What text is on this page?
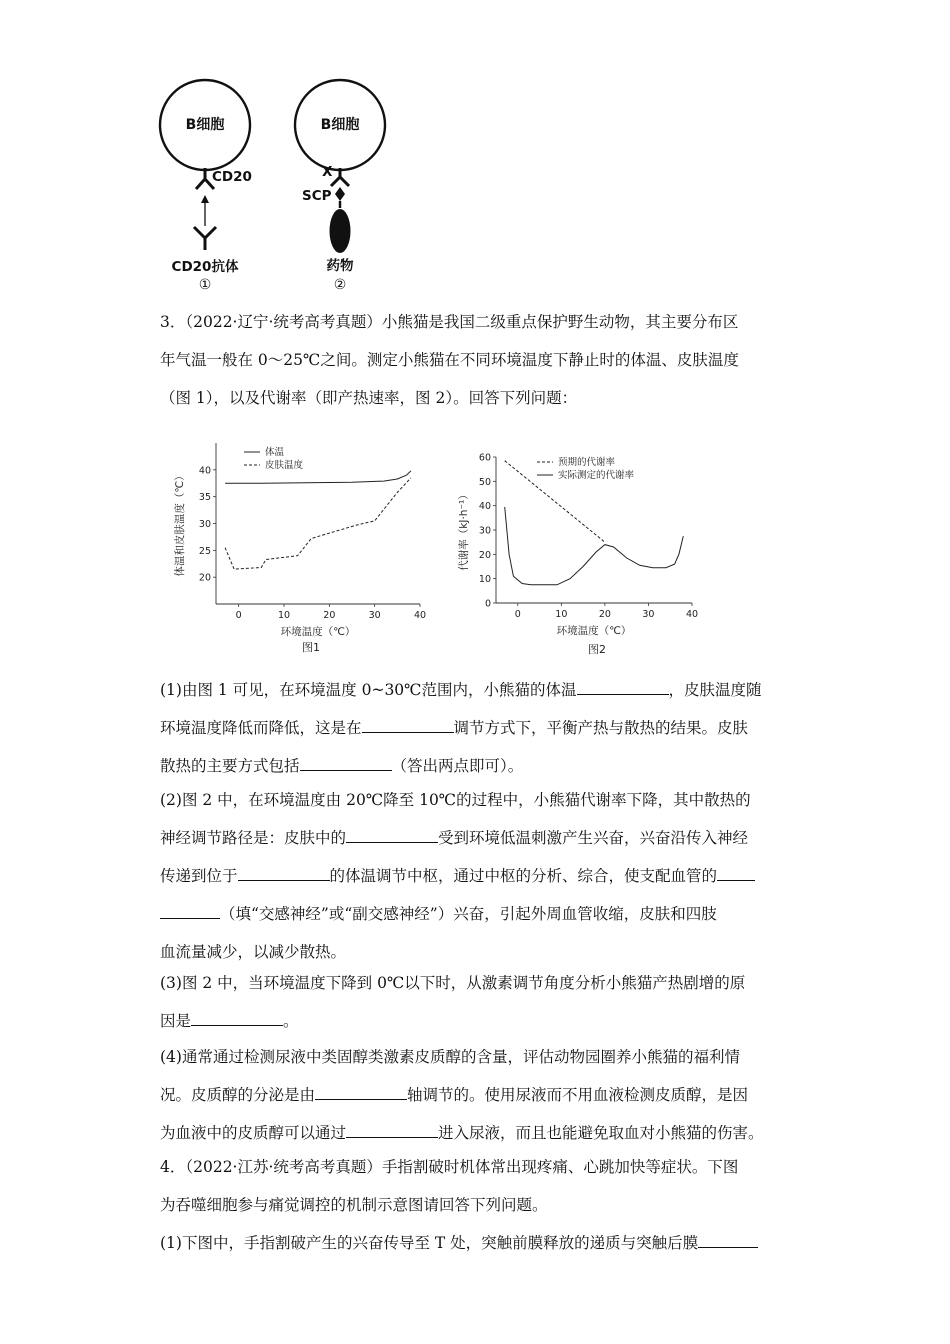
B细胞
CD20
CD20抗体
①
B细胞
X
SCP
药物
②
3．（2022·辽宁·统考高考真题）小熊猫是我国二级重点保护野生动物，其主要分布区
年气温一般在 0～25℃之间。测定小熊猫在不同环境温度下静止时的体温、皮肤温度
（图 1），以及代谢率（即产热速率，图 2）。回答下列问题：
0	10	20	30	40
20
25
30
35
40
环境温度（℃）
体温和皮肤温度（℃）
体温
皮肤温度
图1
0	10	20	30	40
0
10
20
30
40
50
60
环境温度（℃）
代谢率（kJ·h⁻¹）
预期的代谢率
实际测定的代谢率
图2
(1)由图 1 可见，在环境温度 0~30℃范围内，小熊猫的体温	，皮肤温度随
环境温度降低而降低，这是在	调节方式下，平衡产热与散热的结果。皮肤
散热的主要方式包括	（答出两点即可）。
(2)图 2 中，在环境温度由 20℃降至 10℃的过程中，小熊猫代谢率下降，其中散热的
神经调节路径是：皮肤中的	受到环境低温刺激产生兴奋，兴奋沿传入神经
传递到位于	的体温调节中枢，通过中枢的分析、综合，使支配血管的
（填“交感神经”或“副交感神经”）兴奋，引起外周血管收缩，皮肤和四肢
血流量减少，以减少散热。
(3)图 2 中，当环境温度下降到 0℃以下时，从激素调节角度分析小熊猫产热剧增的原
因是	。
(4)通常通过检测尿液中类固醇类激素皮质醇的含量，评估动物园圈养小熊猫的福利情
况。皮质醇的分泌是由	轴调节的。使用尿液而不用血液检测皮质醇，是因
为血液中的皮质醇可以通过	进入尿液，而且也能避免取血对小熊猫的伤害。
4．（2022·江苏·统考高考真题）手指割破时机体常出现疼痛、心跳加快等症状。下图
为吞噬细胞参与痛觉调控的机制示意图请回答下列问题。
(1)下图中，手指割破产生的兴奋传导至 T 处，突触前膜释放的递质与突触后膜
